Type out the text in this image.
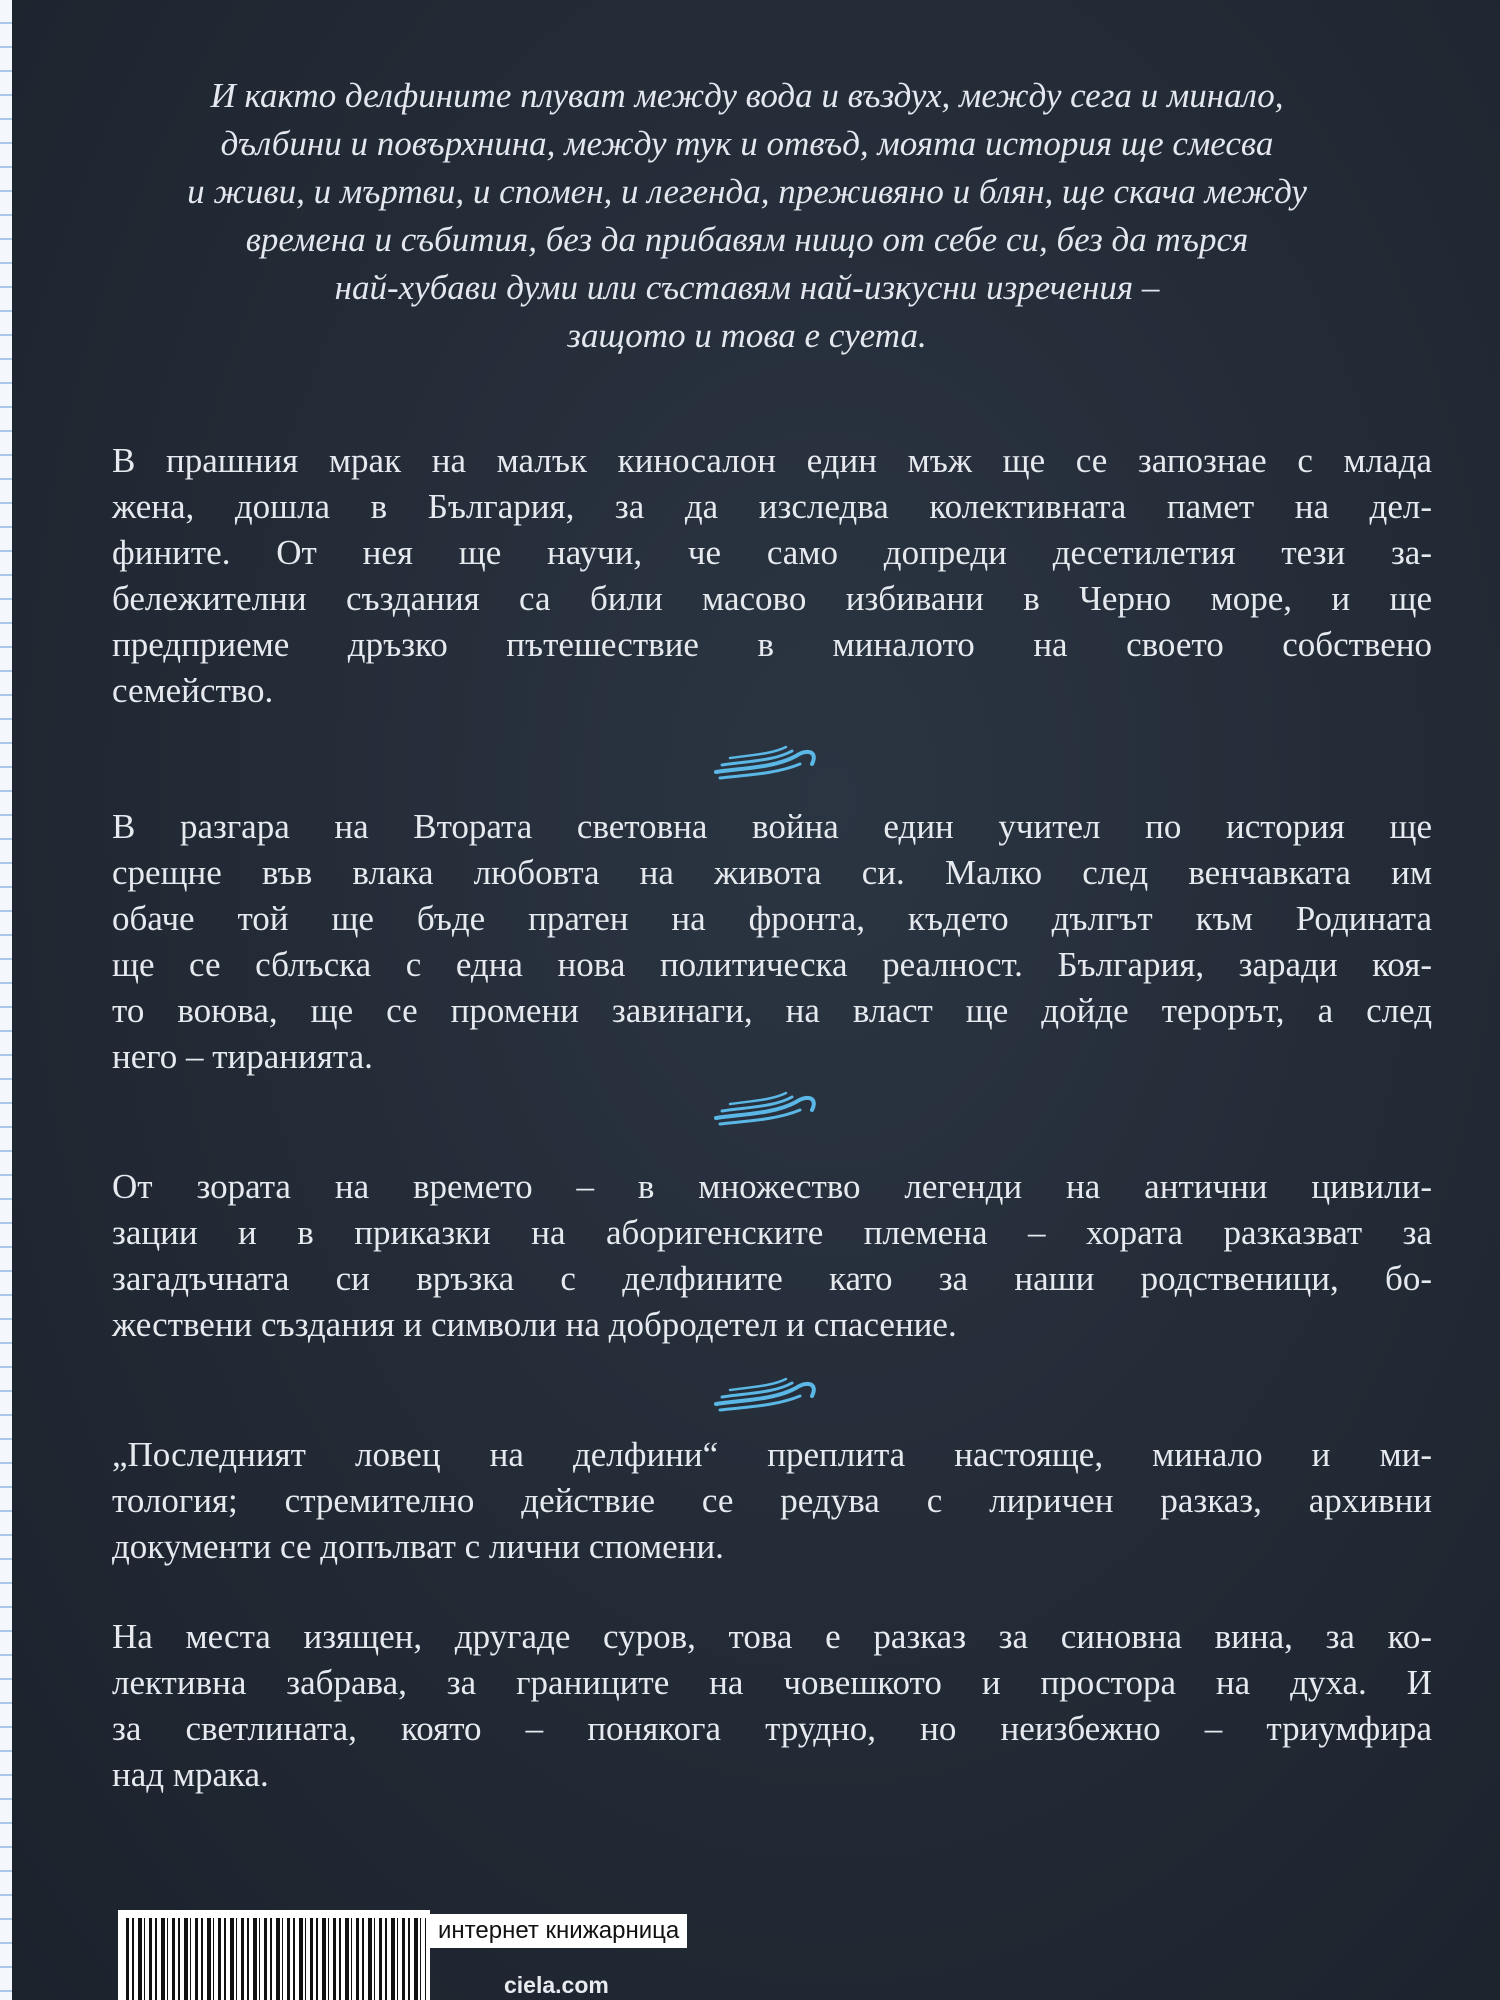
И както делфините плуват между вода и въздух, между сега и минало,
дълбини и повърхнина, между тук и отвъд, моята история ще смесва
и живи, и мъртви, и спомен, и легенда, преживяно и блян, ще скача между
времена и събития, без да прибавям нищо от себе си, без да търся
най-хубави думи или съставям най-изкусни изречения –
защото и това е суета.

В прашния мрак на малък киносалон един мъж ще се запознае с млада
жена, дошла в България, за да изследва колективната памет на дел-
фините. От нея ще научи, че само допреди десетилетия тези за-
бележителни създания са били масово избивани в Черно море, и ще
предприеме дръзко пътешествие в миналото на своето собствено
семейство.

В разгара на Втората световна война един учител по история ще
срещне във влака любовта на живота си. Малко след венчавката им
обаче той ще бъде пратен на фронта, където дългът към Родината
ще се сблъска с една нова политическа реалност. България, заради коя-
то воюва, ще се промени завинаги, на власт ще дойде терорът, а след
него – тиранията.

От зората на времето – в множество легенди на антични цивили-
зации и в приказки на аборигенските племена – хората разказват за
загадъчната си връзка с делфините като за наши родственици, бо-
жествени създания и символи на добродетел и спасение.

„Последният ловец на делфини“ преплита настояще, минало и ми-
тология; стремително действие се редува с лиричен разказ, архивни
документи се допълват с лични спомени.

На места изящен, другаде суров, това е разказ за синовна вина, за ко-
лективна забрава, за границите на човешкото и простора на духа. И
за светлината, която – понякога трудно, но неизбежно – триумфира
над мрака.

интернет книжарница
ciela.com
